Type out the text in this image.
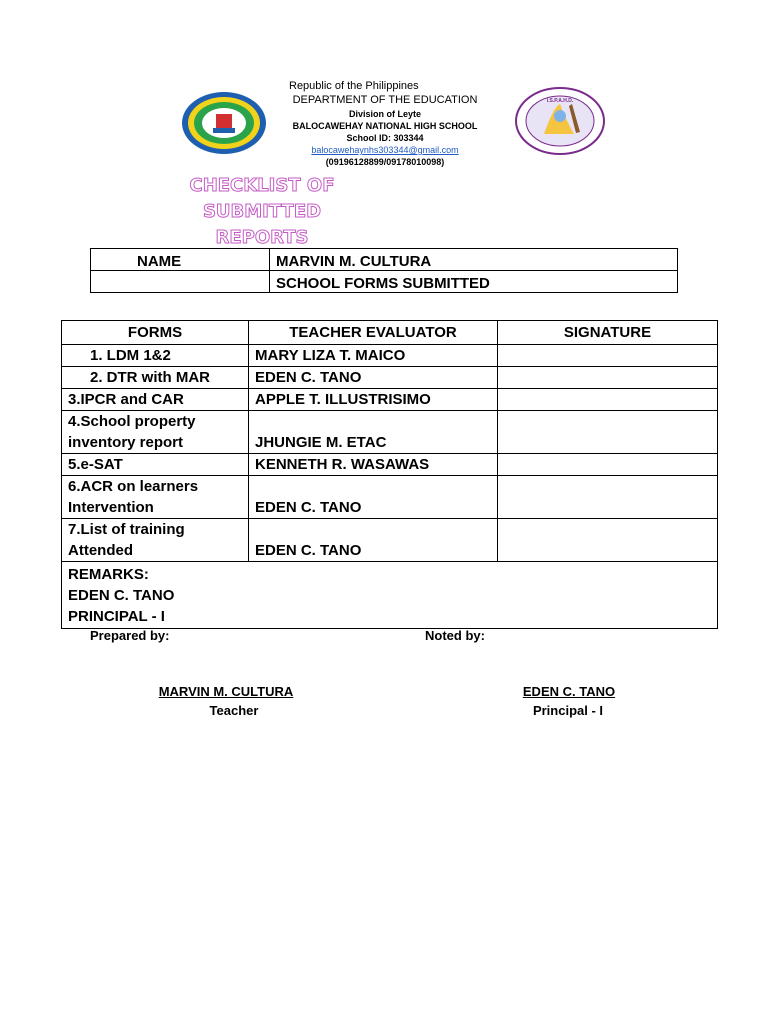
I.S.P.A.H.D.
Republic of the Philippines
DEPARTMENT OF THE EDUCATION
Division of Leyte
BALOCAWEHAY NATIONAL HIGH SCHOOL
School ID: 303344
balocawehaynhs303344@gmail.com
(09196128899/09178010098)
CHECKLIST OF
SUBMITTED
REPORTS
NAME	MARVIN M. CULTURA
	SCHOOL FORMS SUBMITTED
FORMS	TEACHER EVALUATOR	SIGNATURE
1. LDM 1&2	MARY LIZA T. MAICO	
2. DTR with MAR	EDEN C. TANO	
3.IPCR and CAR	APPLE T. ILLUSTRISIMO	

4.School property
inventory report	JHUNGIE M. ETAC	
5.e-SAT	KENNETH R. WASAWAS	

6.ACR on learners
Intervention	EDEN C. TANO	

7.List of training
Attended	EDEN C. TANO	

REMARKS:
EDEN C. TANO
PRINCIPAL - I		
Prepared by:	Noted by:
MARVIN M. CULTURA
Teacher
EDEN C. TANO
Principal - I
